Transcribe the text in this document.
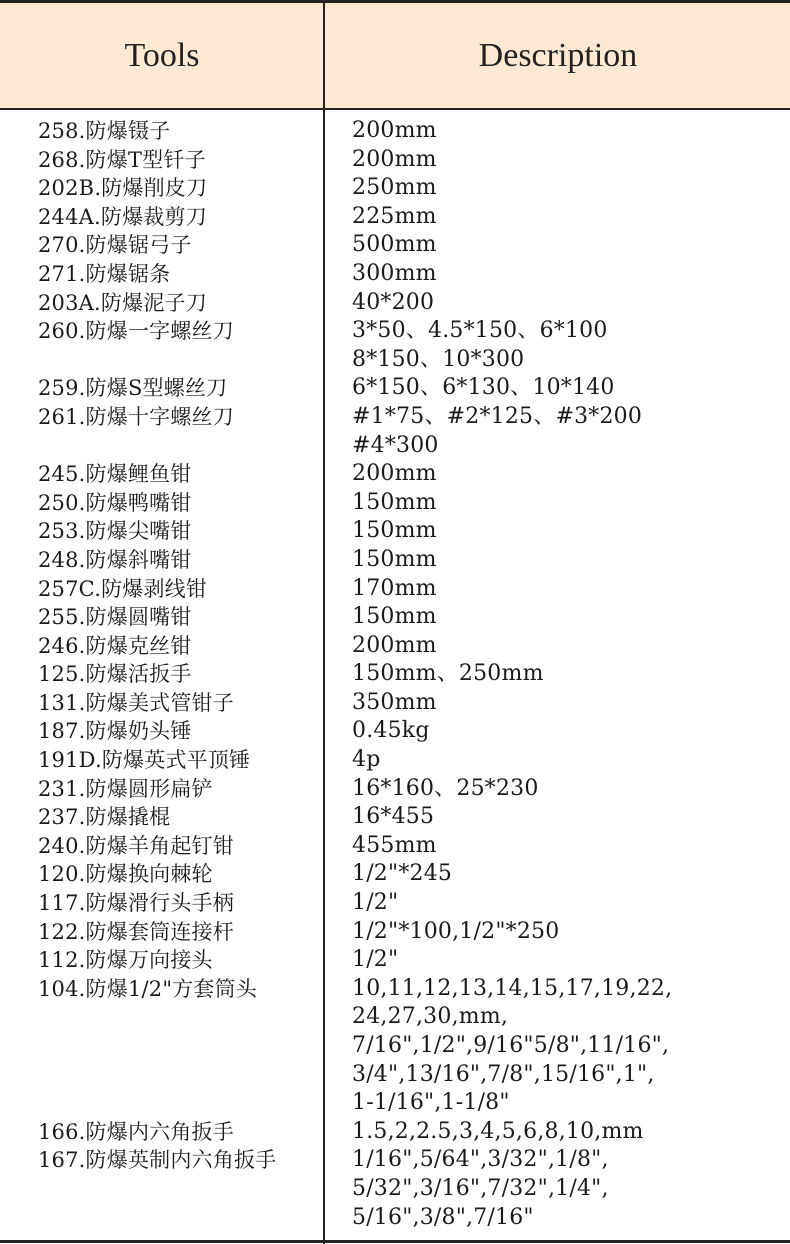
Tools	Description
258.防爆镊子
268.防爆T型钎子
202B.防爆削皮刀
244A.防爆裁剪刀
270.防爆锯弓子
271.防爆锯条
203A.防爆泥子刀
260.防爆一字螺丝刀
259.防爆S型螺丝刀
261.防爆十字螺丝刀
245.防爆鲤鱼钳
250.防爆鸭嘴钳
253.防爆尖嘴钳
248.防爆斜嘴钳
257C.防爆剥线钳
255.防爆圆嘴钳
246.防爆克丝钳
125.防爆活扳手
131.防爆美式管钳子
187.防爆奶头锤
191D.防爆英式平顶锤
231.防爆圆形扁铲
237.防爆撬棍
240.防爆羊角起钉钳
120.防爆换向棘轮
117.防爆滑行头手柄
122.防爆套筒连接杆
112.防爆万向接头
104.防爆1/2"方套筒头
166.防爆内六角扳手
167.防爆英制内六角扳手
200mm
200mm
250mm
225mm
500mm
300mm
40*200
3*50、4.5*150、6*100
8*150、10*300
6*150、6*130、10*140
#1*75、#2*125、#3*200
#4*300
200mm
150mm
150mm
150mm
170mm
150mm
200mm
150mm、250mm
350mm
0.45kg
4p
16*160、25*230
16*455
455mm
1/2"*245
1/2"
1/2"*100,1/2"*250
1/2"
10,11,12,13,14,15,17,19,22,
24,27,30,mm,
7/16",1/2",9/16"5/8",11/16",
3/4",13/16",7/8",15/16",1",
1-1/16",1-1/8"
1.5,2,2.5,3,4,5,6,8,10,mm
1/16",5/64",3/32",1/8",
5/32",3/16",7/32",1/4",
5/16",3/8",7/16"
